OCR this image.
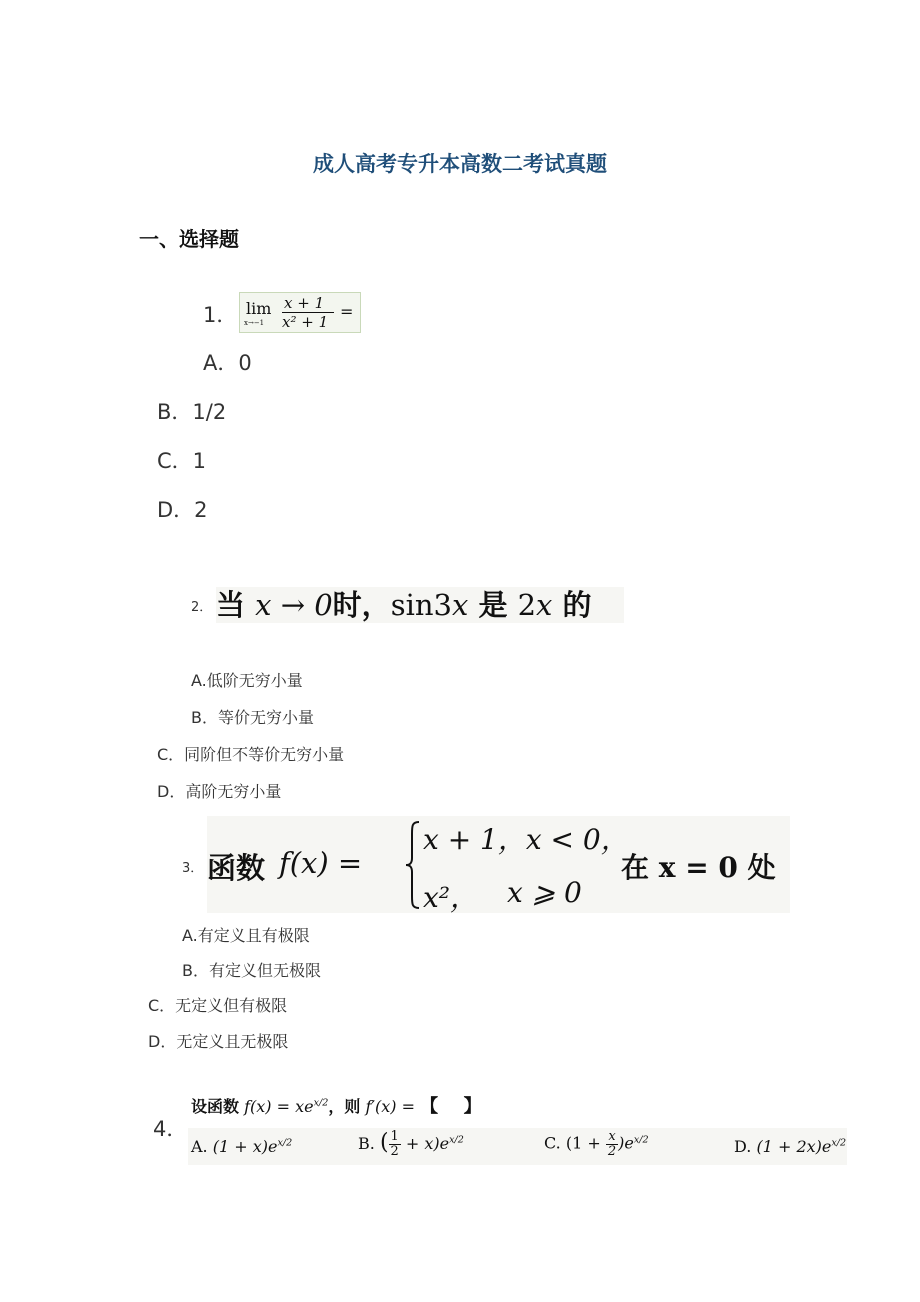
成人高考专升本高数二考试真题
一、选择题
1． lim
x→−1
x + 1
x² + 1
=
A．0
B．1/2
C．1
D．2
2． 当 x → 0时，sin3x 是 2x 的
A.低阶无穷小量
B．等价无穷小量
C．同阶但不等价无穷小量
D．高阶无穷小量
3． 函数 f(x) =
x + 1，x < 0，
x²， x ⩾ 0
在 x = 0 处
A.有定义且有极限
B．有定义但无极限
C．无定义但有极限
D．无定义且无极限
4．
设函数 $f(x) = xe^{x/2}$，则 f′(x) = 【 】
A. $(1 + x)e^{x/2}$	B. ( $\frac{1}{2} + x)e^{x/2}$	C. $(1 + \frac{x}{2} )e^{x/2}$	D. $(1 + 2x)e^{x/2}$
